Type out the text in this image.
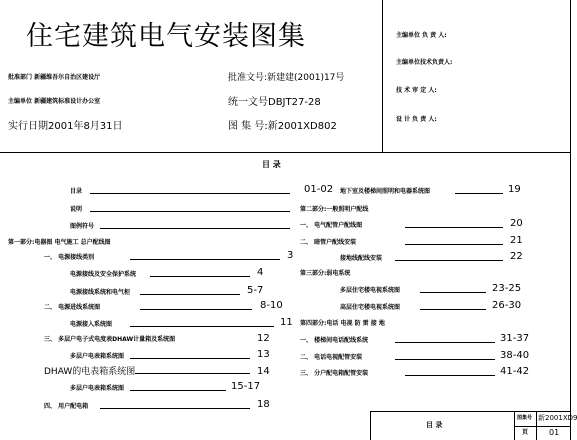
住宅建筑电气安装图集
批准部门 新疆维吾尔自治区建设厅
主编单位 新疆建筑标准设计办公室
实行日期2001年8月31日
批准文号:新建建(2001)17号
统一文号DBJT27-28
图 集 号:新2001XD802
主编单位 负 责 人:
主编单位技术负责人:
技 术 审 定 人:
设 计 负 责 人:
目 录
目录	01-02
说明
图例符号
第一部分:电器图 电气施工 总户配线图
一、 电源接线类别	3
电源接线及安全保护系统	4
电源接线系统和电气柜	5-7
二、 电源进线系统图	8-10
电源接入系统图	11
三、 多层户电子式电度表DHAW计量箱及系统图	12
多层户电表箱系统图	13
DHAW的电表箱系统图	14
多层户电表箱系统图	15-17
四、 用户配电箱	18
地下室及楼梯间照明和电器系统图	19
第二部分:一般照明户配线
一、 电气配管户配线图	20
二、 暗管户配线安装	21
接地线配线安装	22
第三部分:弱电系统
多层住宅楼电视系统图	23-25
高层住宅楼电视系统图	26-30
第四部分:电话 电视 防 雷 接 地
一、 楼梯间电话配线系统	31-37
二、 电话电视配管安装	38-40
三、 分户配电箱配管安装	41-42
目 录
图集号 新2001XD9
页	01
